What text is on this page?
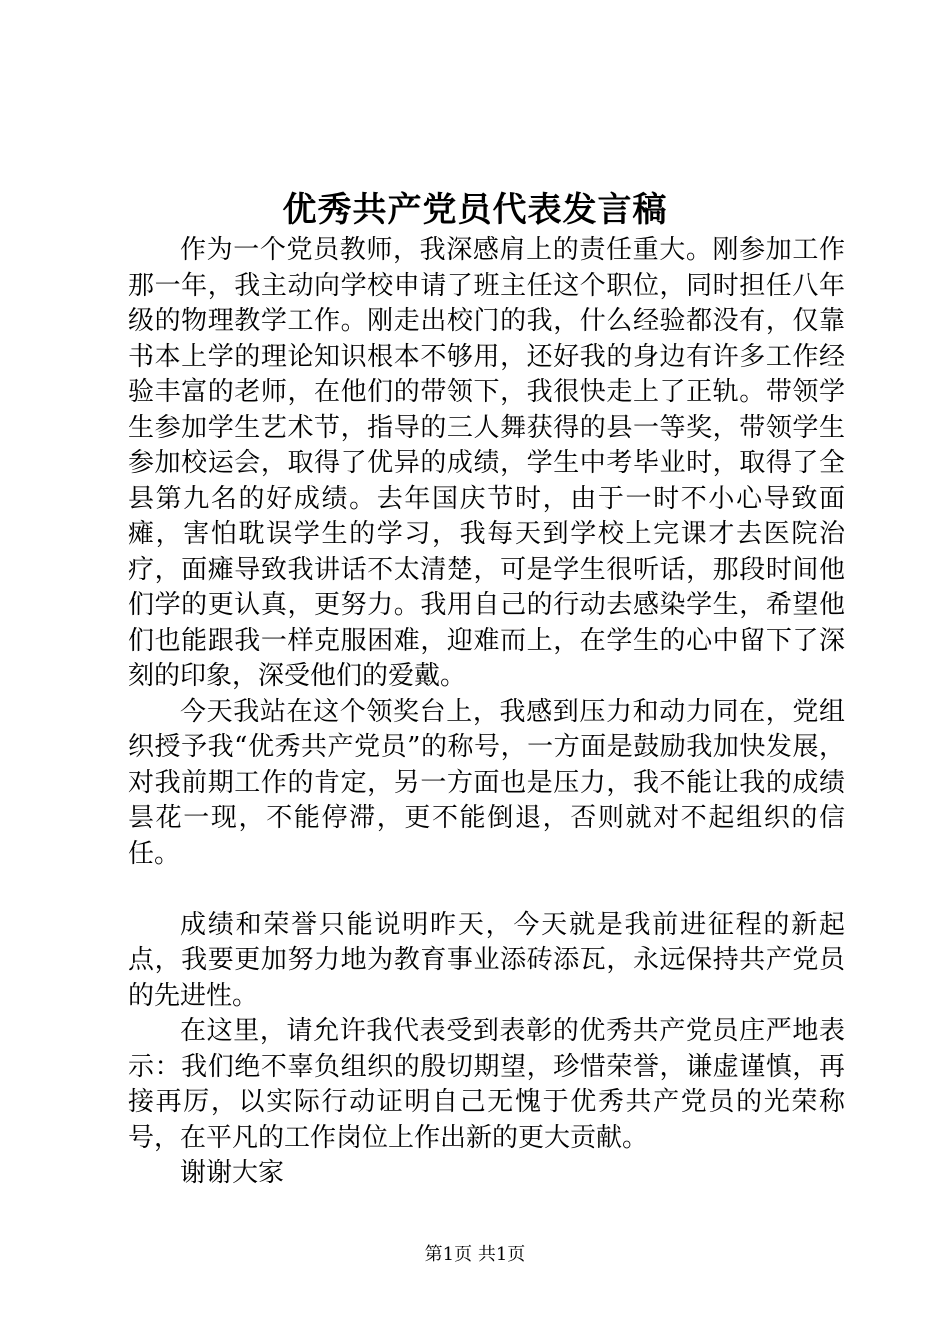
优秀共产党员代表发言稿

作为一个党员教师，我深感肩上的责任重大。刚参加工作那一年，我主动向学校申请了班主任这个职位，同时担任八年级的物理教学工作。刚走出校门的我，什么经验都没有，仅靠书本上学的理论知识根本不够用，还好我的身边有许多工作经验丰富的老师，在他们的带领下，我很快走上了正轨。带领学生参加学生艺术节，指导的三人舞获得的县一等奖，带领学生参加校运会，取得了优异的成绩，学生中考毕业时，取得了全县第九名的好成绩。去年国庆节时，由于一时不小心导致面瘫，害怕耽误学生的学习，我每天到学校上完课才去医院治疗，面瘫导致我讲话不太清楚，可是学生很听话，那段时间他们学的更认真，更努力。我用自己的行动去感染学生，希望他们也能跟我一样克服困难，迎难而上，在学生的心中留下了深刻的印象，深受他们的爱戴。

今天我站在这个领奖台上，我感到压力和动力同在，党组织授予我“优秀共产党员”的称号，一方面是鼓励我加快发展，对我前期工作的肯定，另一方面也是压力，我不能让我的成绩昙花一现，不能停滞，更不能倒退，否则就对不起组织的信任。

成绩和荣誉只能说明昨天，今天就是我前进征程的新起点，我要更加努力地为教育事业添砖添瓦，永远保持共产党员的先进性。

在这里，请允许我代表受到表彰的优秀共产党员庄严地表示：我们绝不辜负组织的殷切期望，珍惜荣誉，谦虚谨慎，再接再厉，以实际行动证明自己无愧于优秀共产党员的光荣称号，在平凡的工作岗位上作出新的更大贡献。

谢谢大家

第1页 共1页
